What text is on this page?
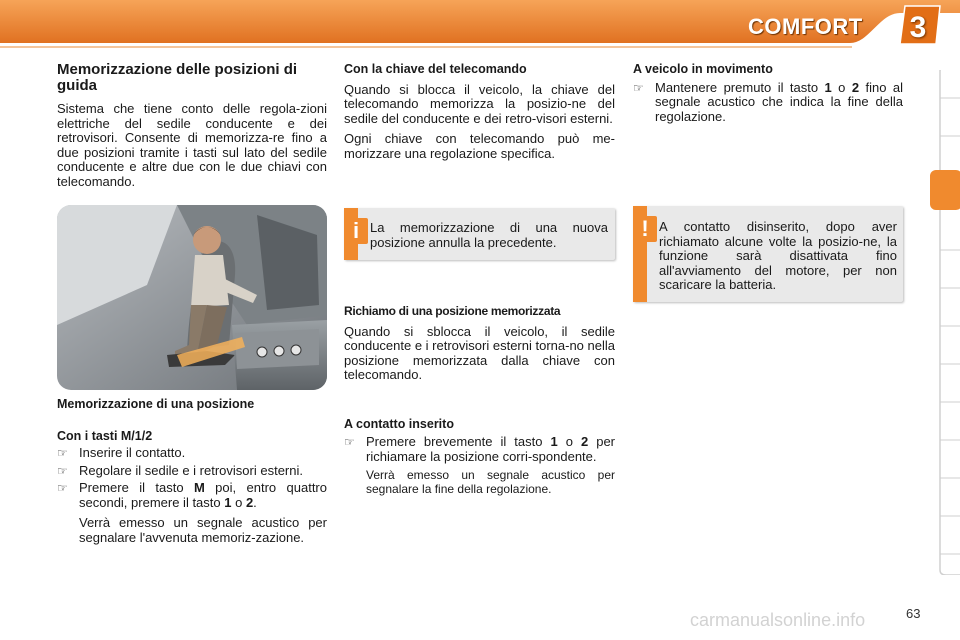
COMFORT	3
Memorizzazione delle posizioni di guida

Sistema che tiene conto delle regola-zioni elettriche del sedile conducente e dei retrovisori. Consente di memorizza-re fino a due posizioni tramite i tasti sul lato del sedile conducente e altre due con le due chiavi con telecomando.

Memorizzazione di una posizione
Con i tasti M/1/2
☞ Inserire il contatto.
☞ Regolare il sedile e i retrovisori esterni.
☞ Premere il tasto M poi, entro quattro secondi, premere il tasto 1 o 2.

Verrà emesso un segnale acustico per segnalare l'avvenuta memoriz-zazione.

Con la chiave del telecomando

Quando si blocca il veicolo, la chiave del telecomando memorizza la posizio-ne del sedile del conducente e dei retro-visori esterni.

Ogni chiave con telecomando può me-morizzare una regolazione specifica.

i La memorizzazione di una nuova posizione annulla la precedente.
Richiamo di una posizione memorizzata

Quando si sblocca il veicolo, il sedile conducente e i retrovisori esterni torna-no nella posizione memorizzata dalla chiave con telecomando.

A contatto inserito
☞ Premere brevemente il tasto 1 o 2 per richiamare la posizione corri-spondente.

Verrà emesso un segnale acustico per segnalare la fine della regolazione.

A veicolo in movimento
☞ Mantenere premuto il tasto 1 o 2 fino al segnale acustico che indica la fine della regolazione.
! A contatto disinserito, dopo aver richiamato alcune volte la posizio-ne, la funzione sarà disattivata fino all'avviamento del motore, per non scaricare la batteria.
63
carmanualsonline.info
